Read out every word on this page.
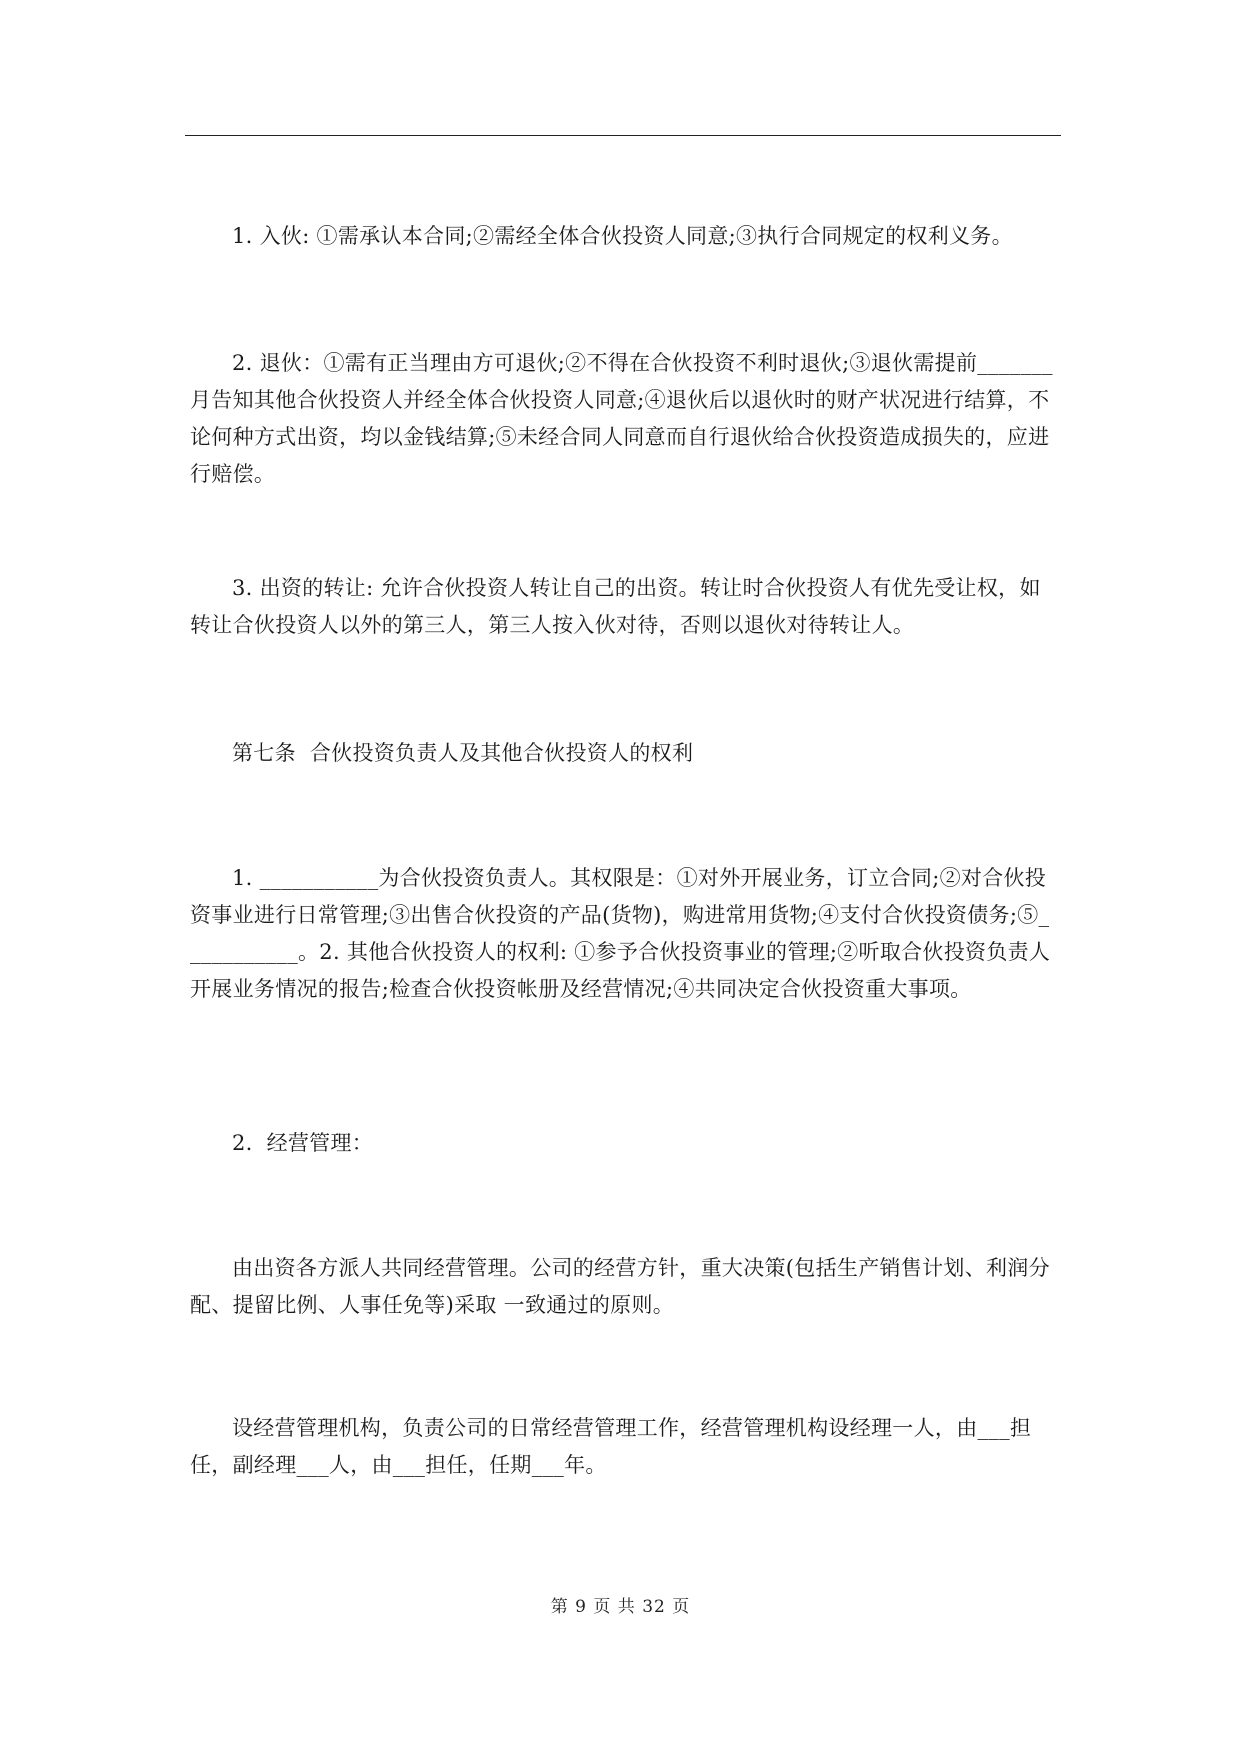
1. 入伙: ①需承认本合同;②需经全体合伙投资人同意;③执行合同规定的权利义务。

2. 退伙：①需有正当理由方可退伙;②不得在合伙投资不利时退伙;③退伙需提前_______月告知其他合伙投资人并经全体合伙投资人同意;④退伙后以退伙时的财产状况进行结算，不论何种方式出资，均以金钱结算;⑤未经合同人同意而自行退伙给合伙投资造成损失的，应进行赔偿。

3. 出资的转让: 允许合伙投资人转让自己的出资。转让时合伙投资人有优先受让权，如转让合伙投资人以外的第三人，第三人按入伙对待，否则以退伙对待转让人。

第七条  合伙投资负责人及其他合伙投资人的权利

1. ___________为合伙投资负责人。其权限是：①对外开展业务，订立合同;②对合伙投资事业进行日常管理;③出售合伙投资的产品(货物)，购进常用货物;④支付合伙投资债务;⑤___________。2. 其他合伙投资人的权利: ①参予合伙投资事业的管理;②听取合伙投资负责人开展业务情况的报告;检查合伙投资帐册及经营情况;④共同决定合伙投资重大事项。

2.  经营管理：

由出资各方派人共同经营管理。公司的经营方针，重大决策(包括生产销售计划、利润分配、提留比例、人事任免等)采取 一致通过的原则。

设经营管理机构，负责公司的日常经营管理工作，经营管理机构设经理一人，由___担任，副经理___人，由___担任，任期___年。

第 9 页 共 32 页
